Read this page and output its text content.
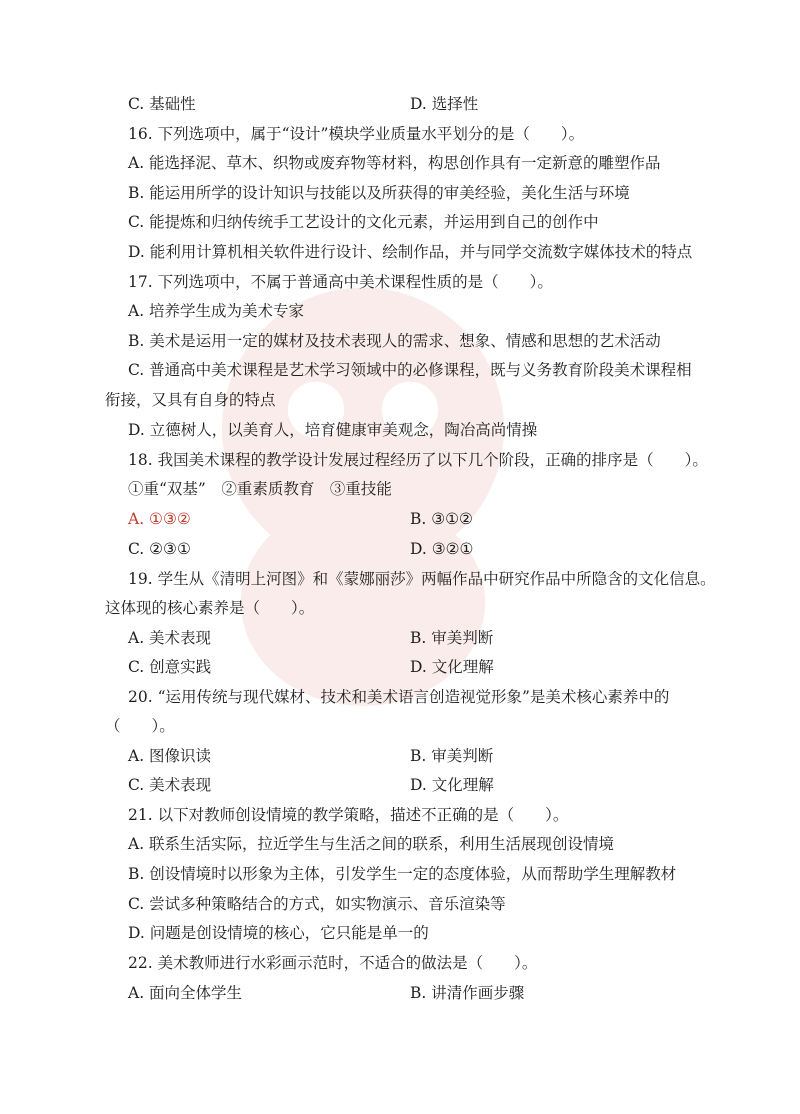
C. 基础性	D. 选择性
16. 下列选项中，属于“设计”模块学业质量水平划分的是（　　）。
A. 能选择泥、草木、织物或废弃物等材料，构思创作具有一定新意的雕塑作品
B. 能运用所学的设计知识与技能以及所获得的审美经验，美化生活与环境
C. 能提炼和归纳传统手工艺设计的文化元素，并运用到自己的创作中
D. 能利用计算机相关软件进行设计、绘制作品，并与同学交流数字媒体技术的特点
17. 下列选项中，不属于普通高中美术课程性质的是（　　）。
A. 培养学生成为美术专家
B. 美术是运用一定的媒材及技术表现人的需求、想象、情感和思想的艺术活动
C. 普通高中美术课程是艺术学习领域中的必修课程，既与义务教育阶段美术课程相
衔接，又具有自身的特点
D. 立德树人，以美育人，培育健康审美观念，陶冶高尚情操
18. 我国美术课程的教学设计发展过程经历了以下几个阶段，正确的排序是（　　）。
①重“双基”　②重素质教育　③重技能
A. ①③②	B. ③①②
C. ②③①	D. ③②①
19. 学生从《清明上河图》和《蒙娜丽莎》两幅作品中研究作品中所隐含的文化信息。
这体现的核心素养是（　　）。
A. 美术表现	B. 审美判断
C. 创意实践	D. 文化理解
20. “运用传统与现代媒材、技术和美术语言创造视觉形象”是美术核心素养中的
（　　）。
A. 图像识读	B. 审美判断
C. 美术表现	D. 文化理解
21. 以下对教师创设情境的教学策略，描述不正确的是（　　）。
A. 联系生活实际，拉近学生与生活之间的联系，利用生活展现创设情境
B. 创设情境时以形象为主体，引发学生一定的态度体验，从而帮助学生理解教材
C. 尝试多种策略结合的方式，如实物演示、音乐渲染等
D. 问题是创设情境的核心，它只能是单一的
22. 美术教师进行水彩画示范时，不适合的做法是（　　）。
A. 面向全体学生	B. 讲清作画步骤
